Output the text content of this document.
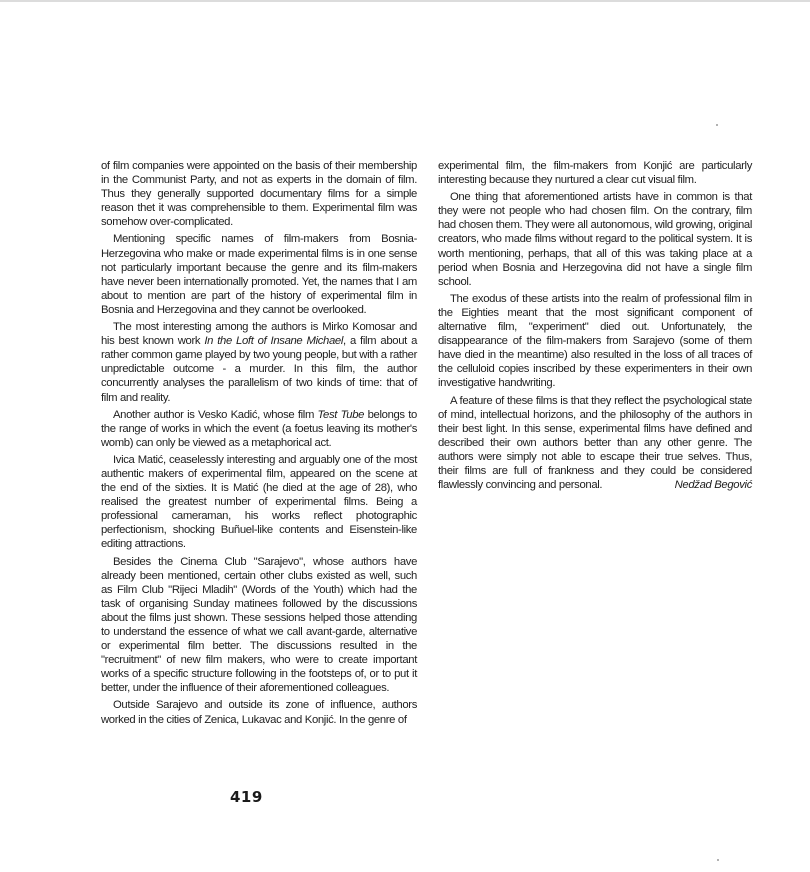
of film companies were appointed on the basis of their membership in the Communist Party, and not as experts in the domain of film. Thus they generally supported documentary films for a simple reason thet it was comprehensible to them. Experimental film was somehow over-complicated.

Mentioning specific names of film-makers from Bosnia-Herzegovina who make or made experimental films is in one sense not particularly important because the genre and its film-makers have never been internationally promoted. Yet, the names that I am about to mention are part of the history of experimental film in Bosnia and Herzegovina and they cannot be overlooked.

The most interesting among the authors is Mirko Komosar and his best known work In the Loft of Insane Michael, a film about a rather common game played by two young people, but with a rather unpredictable outcome - a murder. In this film, the author concurrently analyses the parallelism of two kinds of time: that of film and reality.

Another author is Vesko Kadić, whose film Test Tube belongs to the range of works in which the event (a foetus leaving its mother's womb) can only be viewed as a metaphorical act.

Ivica Matić, ceaselessly interesting and arguably one of the most authentic makers of experimental film, appeared on the scene at the end of the sixties. It is Matić (he died at the age of 28), who realised the greatest number of experimental films. Being a professional cameraman, his works reflect photographic perfectionism, shocking Buñuel-like contents and Eisenstein-like editing attractions.

Besides the Cinema Club "Sarajevo", whose authors have already been mentioned, certain other clubs existed as well, such as Film Club "Rijeci Mladih" (Words of the Youth) which had the task of organising Sunday matinees followed by the discussions about the films just shown. These sessions helped those attending to understand the essence of what we call avant-garde, alternative or experimental film better. The discussions resulted in the "recruitment" of new film makers, who were to create important works of a specific structure following in the footsteps of, or to put it better, under the influence of their aforementioned colleagues.

Outside Sarajevo and outside its zone of influence, authors worked in the cities of Zenica, Lukavac and Konjić. In the genre of

experimental film, the film-makers from Konjić are particularly interesting because they nurtured a clear cut visual film.

One thing that aforementioned artists have in common is that they were not people who had chosen film. On the contrary, film had chosen them. They were all autonomous, wild growing, original creators, who made films without regard to the political system. It is worth mentioning, perhaps, that all of this was taking place at a period when Bosnia and Herzegovina did not have a single film school.

The exodus of these artists into the realm of professional film in the Eighties meant that the most significant component of alternative film, "experiment" died out. Unfortunately, the disappearance of the film-makers from Sarajevo (some of them have died in the meantime) also resulted in the loss of all traces of the celluloid copies inscribed by these experimenters in their own investigative handwriting.

A feature of these films is that they reflect the psychological state of mind, intellectual horizons, and the philosophy of the authors in their best light. In this sense, experimental films have defined and described their own authors better than any other genre. The authors were simply not able to escape their true selves. Thus, their films are full of frankness and they could be considered flawlessly convincing and personal.	Nedžad Begović

419
